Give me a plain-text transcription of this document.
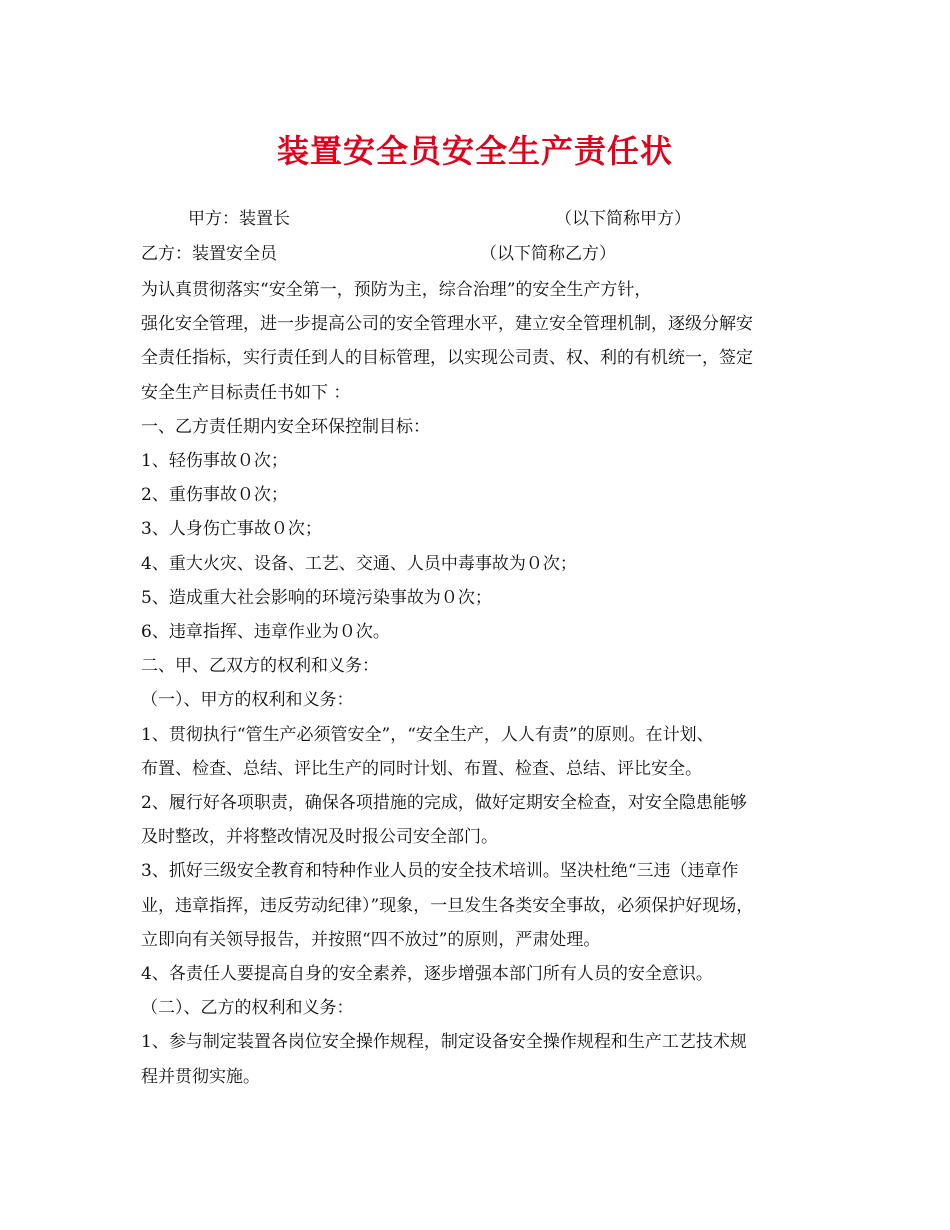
装置安全员安全生产责任状
甲方：装置长	（以下简称甲方）
乙方：装置安全员	（以下简称乙方）

为认真贯彻落实“安全第一，预防为主，综合治理”的安全生产方针，

强化安全管理，进一步提高公司的安全管理水平，建立安全管理机制，逐级分解安

全责任指标，实行责任到人的目标管理，以实现公司责、权、利的有机统一，签定

安全生产目标责任书如下 ：

一、乙方责任期内安全环保控制目标：

1、轻伤事故０次；

2、重伤事故０次；

3、人身伤亡事故０次；

4、重大火灾、设备、工艺、交通、人员中毒事故为０次；

5、造成重大社会影响的环境污染事故为０次；

6、违章指挥、违章作业为０次。

二、甲、乙双方的权利和义务：

（一）、甲方的权利和义务：

1、贯彻执行“管生产必须管安全”，“安全生产，人人有责”的原则。在计划、

布置、检查、总结、评比生产的同时计划、布置、检查、总结、评比安全。

2、履行好各项职责，确保各项措施的完成，做好定期安全检查，对安全隐患能够

及时整改，并将整改情况及时报公司安全部门。

3、抓好三级安全教育和特种作业人员的安全技术培训。坚决杜绝“三违（违章作

业，违章指挥，违反劳动纪律）”现象，一旦发生各类安全事故，必须保护好现场，

立即向有关领导报告，并按照“四不放过”的原则，严肃处理。

4、各责任人要提高自身的安全素养，逐步增强本部门所有人员的安全意识。

（二）、乙方的权利和义务：

1、参与制定装置各岗位安全操作规程，制定设备安全操作规程和生产工艺技术规

程并贯彻实施。
